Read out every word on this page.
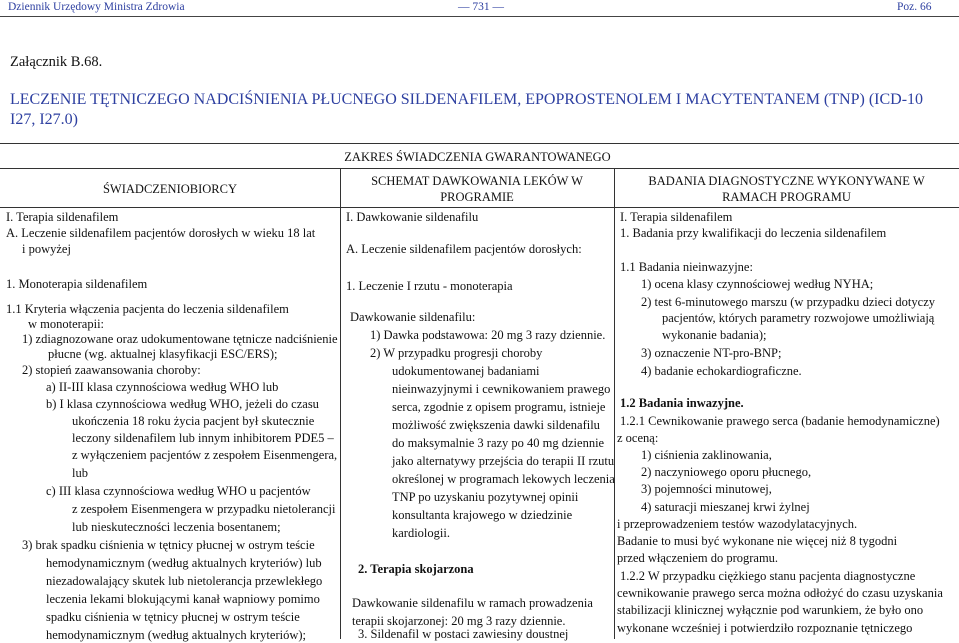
Dziennik Urzędowy Ministra Zdrowia	— 731 —	Poz. 66
Załącznik B.68.
LECZENIE TĘTNICZEGO NADCIŚNIENIA PŁUCNEGO SILDENAFILEM, EPOPROSTENOLEM I MACYTENTANEM (TNP) (ICD-10 I27, I27.0)
ZAKRES ŚWIADCZENIA GWARANTOWANEGO
ŚWIADCZENIOBIORCY
SCHEMAT DAWKOWANIA LEKÓW W
PROGRAMIE
BADANIA DIAGNOSTYCZNE WYKONYWANE W
RAMACH PROGRAMU
I. Terapia sildenafilem
A. Leczenie sildenafilem pacjentów dorosłych w wieku 18 lat
i powyżej
1. Monoterapia sildenafilem
1.1 Kryteria włączenia pacjenta do leczenia sildenafilem
w monoterapii:
1) zdiagnozowane oraz udokumentowane tętnicze nadciśnienie
płucne (wg. aktualnej klasyfikacji ESC/ERS);
2) stopień zaawansowania choroby:
a) II-III klasa czynnościowa według WHO lub
b) I klasa czynnościowa według WHO, jeżeli do czasu
ukończenia 18 roku życia pacjent był skutecznie
leczony sildenafilem lub innym inhibitorem PDE5 –
z wyłączeniem pacjentów z zespołem Eisenmengera,
lub
c) III klasa czynnościowa według WHO u pacjentów
z zespołem Eisenmengera w przypadku nietolerancji
lub nieskuteczności leczenia bosentanem;
3) brak spadku ciśnienia w tętnicy płucnej w ostrym teście
hemodynamicznym (według aktualnych kryteriów) lub
niezadowalający skutek lub nietolerancja przewlekłego
leczenia lekami blokującymi kanał wapniowy pomimo
spadku ciśnienia w tętnicy płucnej w ostrym teście
hemodynamicznym (według aktualnych kryteriów);
I. Dawkowanie sildenafilu
A. Leczenie sildenafilem pacjentów dorosłych:
1. Leczenie I rzutu - monoterapia
Dawkowanie sildenafilu:
1) Dawka podstawowa: 20 mg 3 razy dziennie.
2) W przypadku progresji choroby
udokumentowanej badaniami
nieinwazyjnymi i cewnikowaniem prawego
serca, zgodnie z opisem programu, istnieje
możliwość zwiększenia dawki sildenafilu
do maksymalnie 3 razy po 40 mg dziennie
jako alternatywy przejścia do terapii II rzutu
określonej w programach lekowych leczenia
TNP po uzyskaniu pozytywnej opinii
konsultanta krajowego w dziedzinie
kardiologii.
2. Terapia skojarzona
Dawkowanie sildenafilu w ramach prowadzenia
terapii skojarzonej: 20 mg 3 razy dziennie.
3. Sildenafil w postaci zawiesiny doustnej
I. Terapia sildenafilem
1. Badania przy kwalifikacji do leczenia sildenafilem
1.1 Badania nieinwazyjne:
1) ocena klasy czynnościowej według NYHA;
2) test 6-minutowego marszu (w przypadku dzieci dotyczy
pacjentów, których parametry rozwojowe umożliwiają
wykonanie badania);
3) oznaczenie NT-pro-BNP;
4) badanie echokardiograficzne.
1.2 Badania inwazyjne.
1.2.1 Cewnikowanie prawego serca (badanie hemodynamiczne)
z oceną:
1) ciśnienia zaklinowania,
2) naczyniowego oporu płucnego,
3) pojemności minutowej,
4) saturacji mieszanej krwi żylnej
i przeprowadzeniem testów wazodylatacyjnych.
Badanie to musi być wykonane nie więcej niż 8 tygodni
przed włączeniem do programu.
1.2.2 W przypadku ciężkiego stanu pacjenta diagnostyczne
cewnikowanie prawego serca można odłożyć do czasu uzyskania
stabilizacji klinicznej wyłącznie pod warunkiem, że było ono
wykonane wcześniej i potwierdziło rozpoznanie tętniczego
